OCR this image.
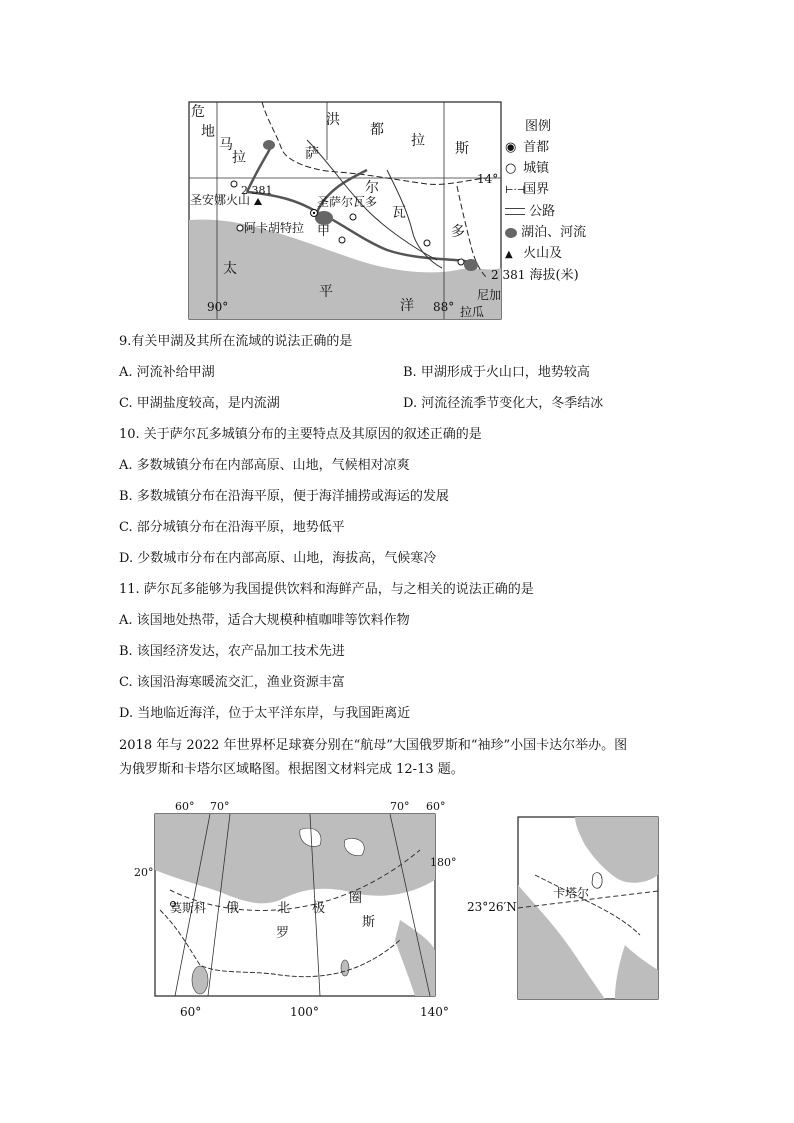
危
地
马
拉
洪
都
拉 斯
萨
尔
瓦
多
甲
太
平
洋
尼加
拉瓜
圣安娜火山
2 381
圣萨尔瓦多
阿卡胡特拉
14°
90°	88°
图例
◉ 首都
○ 城镇
⊢·⊣ 国界
公路
湖泊、河流
▲ 火山及
2 381 海拔(米)
9.有关甲湖及其所在流域的说法正确的是
A. 河流补给甲湖	B. 甲湖形成于火山口，地势较高
C. 甲湖盐度较高，是内流湖	D. 河流径流季节变化大，冬季结冰
10. 关于萨尔瓦多城镇分布的主要特点及其原因的叙述正确的是
A. 多数城镇分布在内部高原、山地，气候相对凉爽
B. 多数城镇分布在沿海平原，便于海洋捕捞或海运的发展
C. 部分城镇分布在沿海平原，地势低平
D. 少数城市分布在内部高原、山地，海拔高，气候寒冷
11. 萨尔瓦多能够为我国提供饮料和海鲜产品，与之相关的说法正确的是
A. 该国地处热带，适合大规模种植咖啡等饮料作物
B. 该国经济发达，农产品加工技术先进
C. 该国沿海寒暖流交汇，渔业资源丰富
D. 当地临近海洋，位于太平洋东岸，与我国距离近
2018 年与 2022 年世界杯足球赛分别在“航母”大国俄罗斯和“袖珍”小国卡达尔举办。图为俄罗斯和卡塔尔区域略图。根据图文材料完成 12-13 题。
60° 70°	70° 60°
180°
20°
莫斯科 俄
罗
斯
北 极
圈
60°	100°	140°
23°26′N
卡塔尔
